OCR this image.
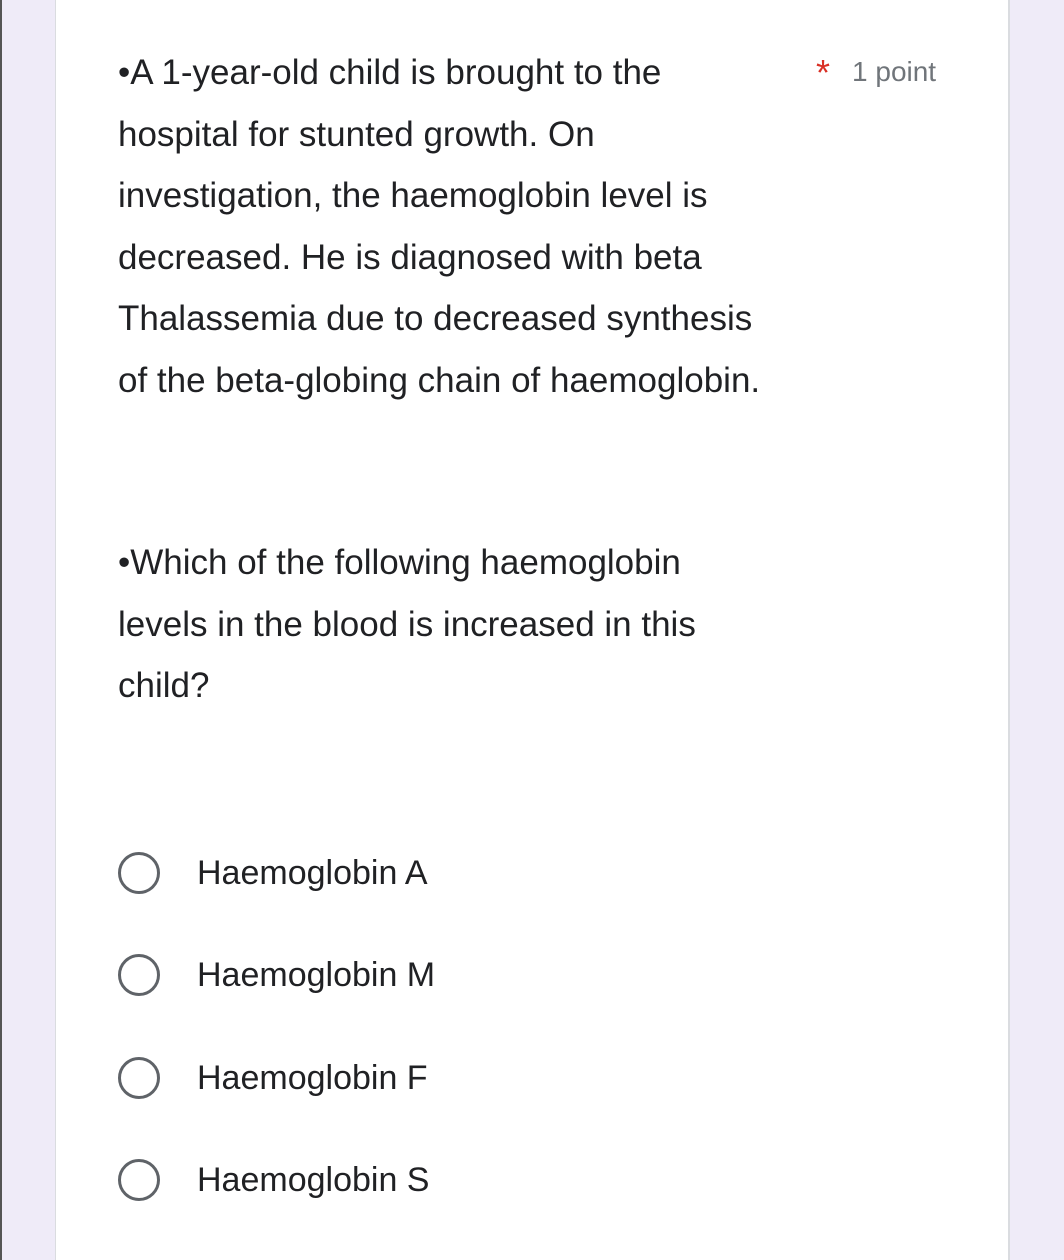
•A 1-year-old child is brought to the hospital for stunted growth. On investigation, the haemoglobin level is decreased. He is diagnosed with beta Thalassemia due to decreased synthesis of the beta-globing chain of haemoglobin.

•Which of the following haemoglobin levels in the blood is increased in this child?

* 1 point
Haemoglobin A
Haemoglobin M
Haemoglobin F
Haemoglobin S
